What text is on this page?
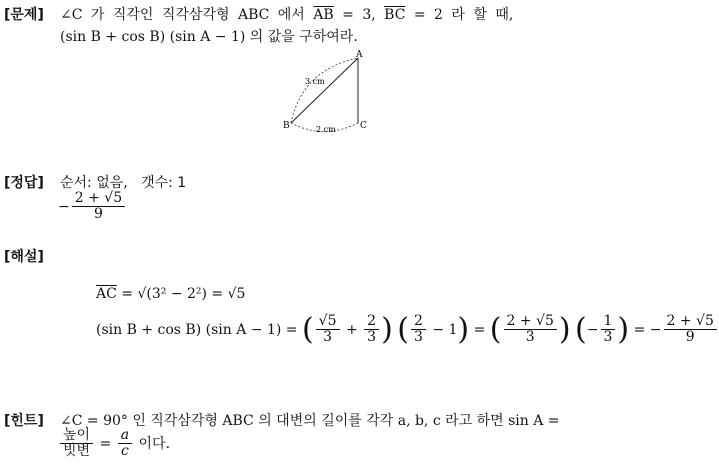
[문제] ∠C 가 직각인 직각삼각형 ABC 에서 $\overline{AB} = 3$, $\overline{BC} = 2$ 라 할 때,
(sin B + cos B) (sin A − 1) 의 값을 구하여라.
A
B	C
3 cm
2 cm
[정답] 순서: 없음, 갯수: 1
− $\frac{2 + √5}{9}$
[해설]
$\overline{AC} = √(3^2 - 2^2) = √5$
(sin B + cos B) (sin A − 1) = ( $\frac{√5}{3} + \frac{2}{3}$ ) ( $\frac{2}{3} - 1$) = ( $\frac{2 + √5}{3}$ ) (− $\frac{1}{3}$ ) = − $\frac{2 + √5}{9}$
[힌트] ∠C = 90° 인 직각삼각형 ABC 의 대변의 길이를 각각 a, b, c 라고 하면 sin A =
$\frac{\text{높이}}{\text{빗변}} = \frac{a}{c}$ 이다.
